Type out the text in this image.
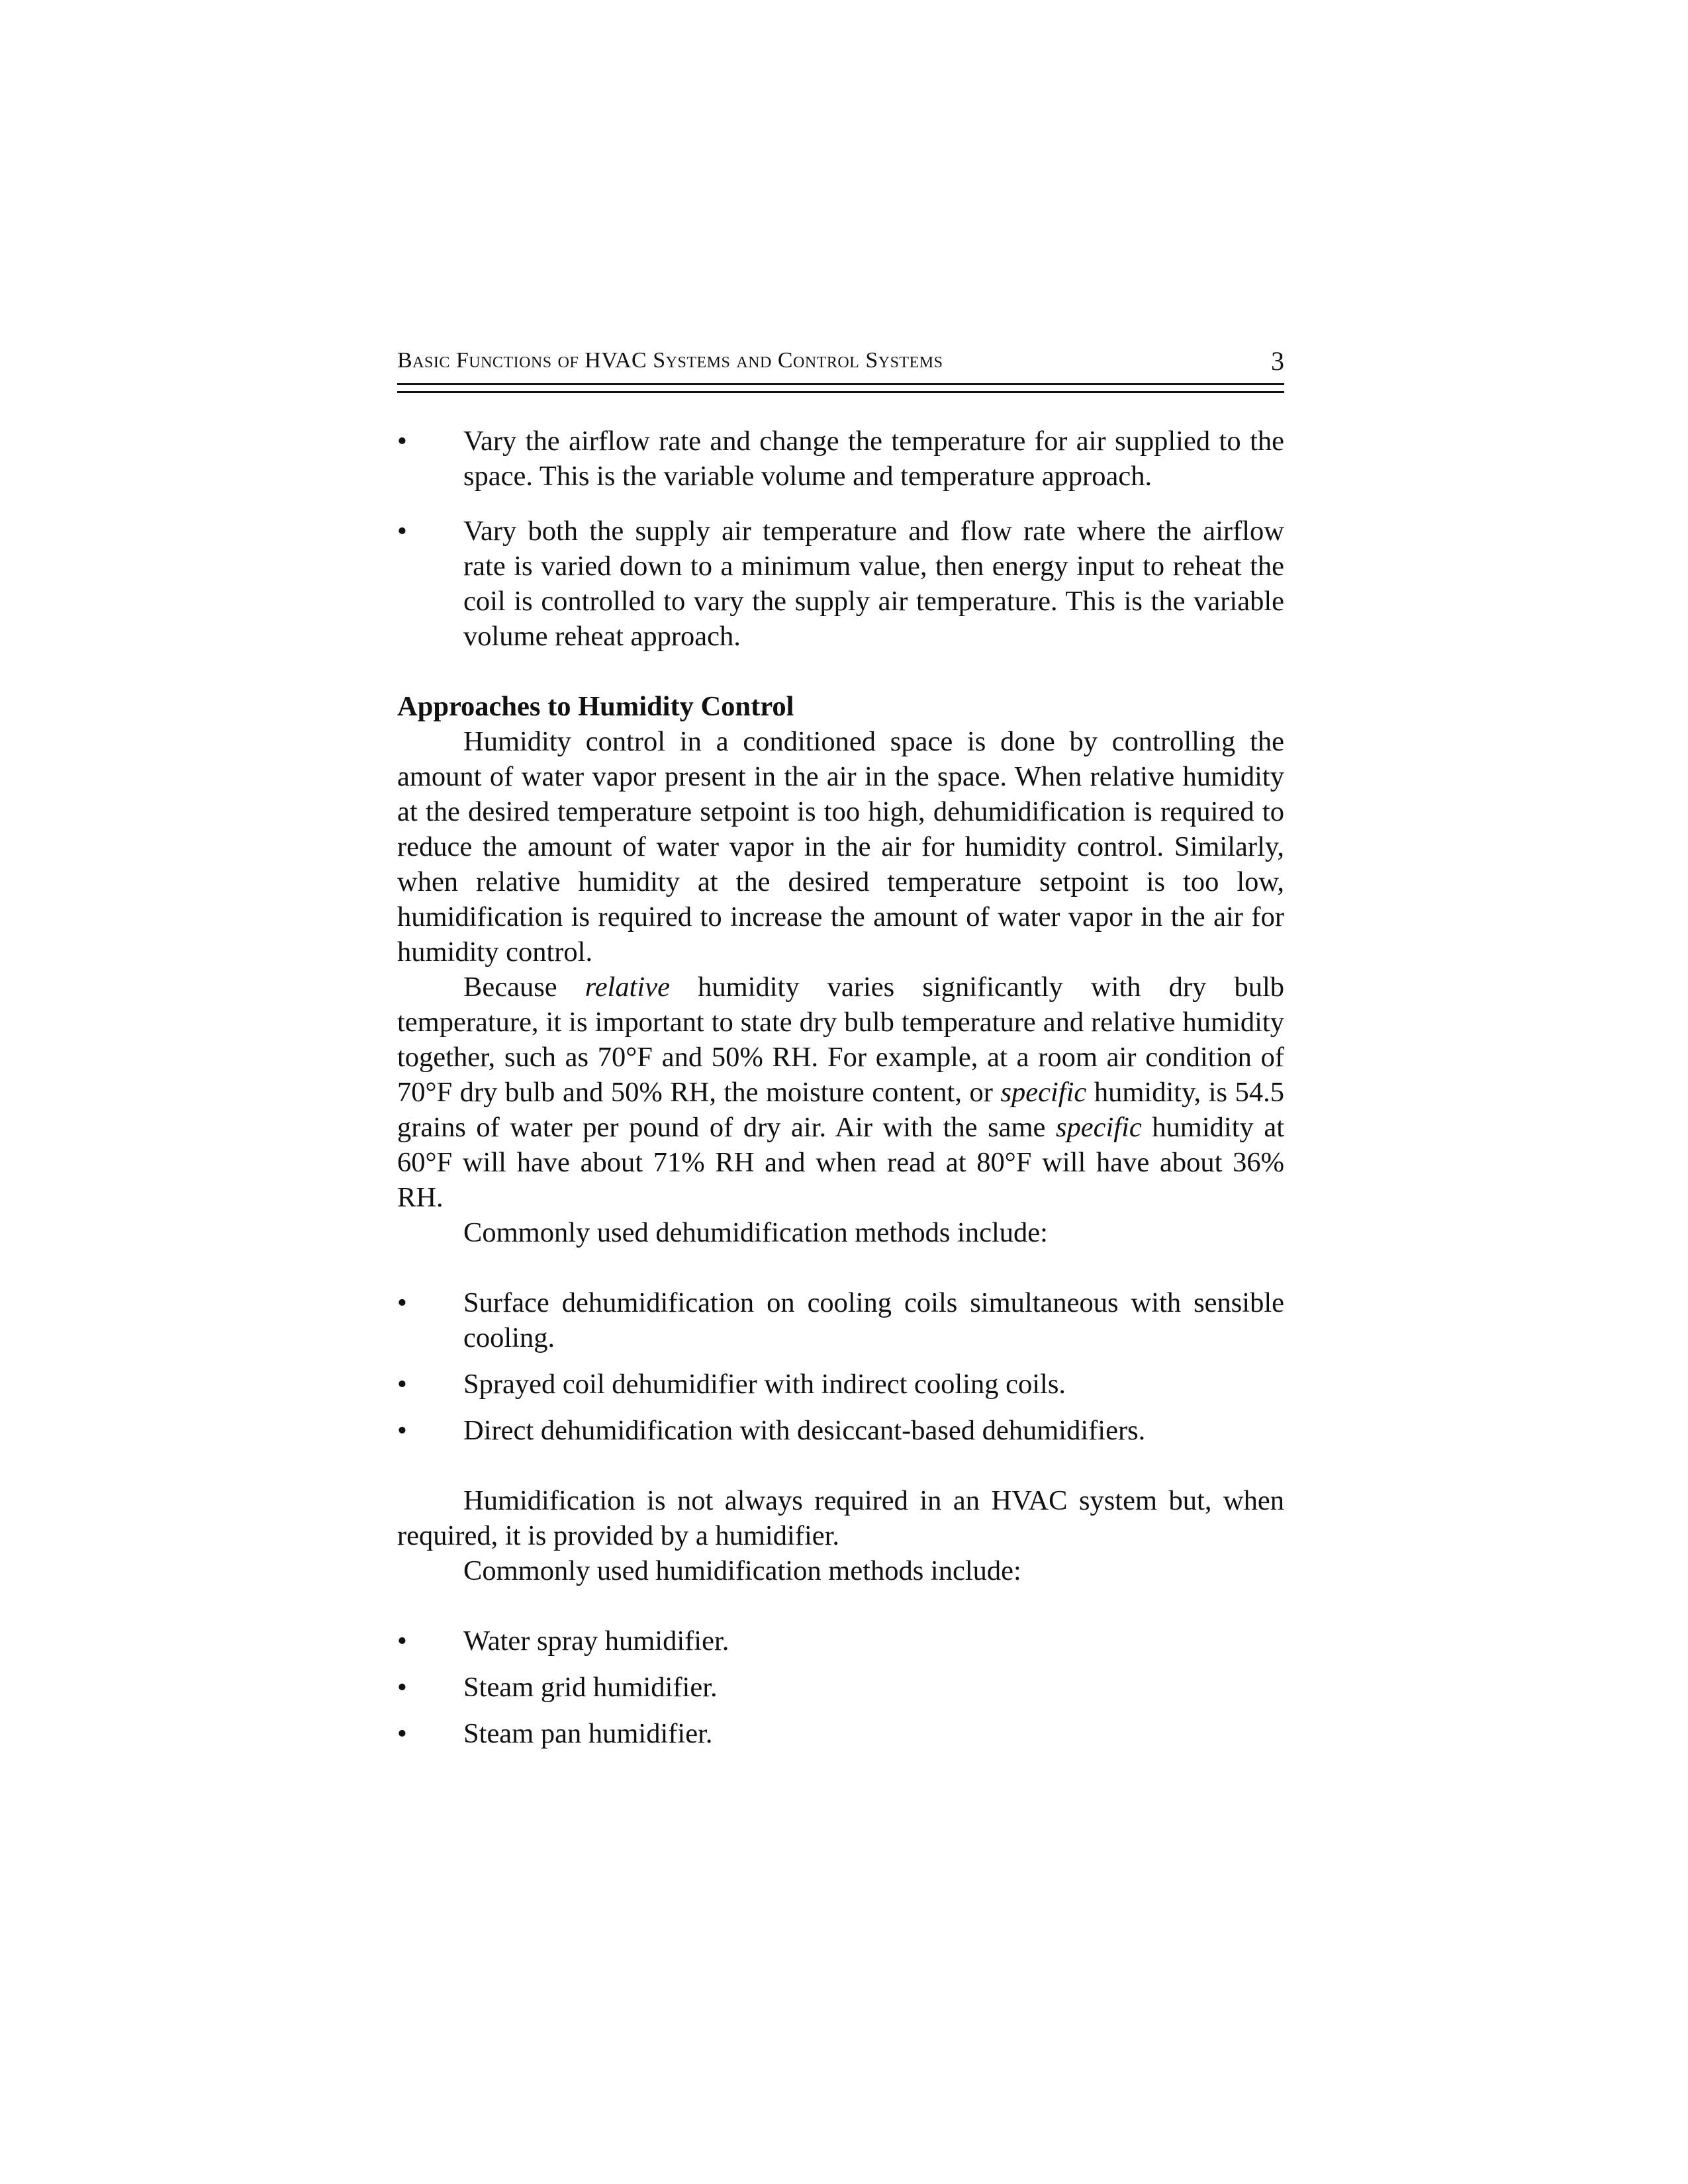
Basic Functions of HVAC Systems and Control Systems	3
•	Vary the airflow rate and change the temperature for air supplied to the space. This is the variable volume and temperature approach.
•	Vary both the supply air temperature and flow rate where the airflow rate is varied down to a minimum value, then energy input to reheat the coil is controlled to vary the supply air temperature. This is the variable volume reheat approach.
Approaches to Humidity Control

Humidity control in a conditioned space is done by controlling the amount of water vapor present in the air in the space. When relative humidity at the desired temperature setpoint is too high, dehumidification is required to reduce the amount of water vapor in the air for humidity control. Similarly, when relative humidity at the desired temperature setpoint is too low, humidification is required to increase the amount of water vapor in the air for humidity control.

Because relative humidity varies significantly with dry bulb temperature, it is important to state dry bulb temperature and relative humidity together, such as 70°F and 50% RH. For example, at a room air condition of 70°F dry bulb and 50% RH, the moisture content, or specific humidity, is 54.5 grains of water per pound of dry air. Air with the same specific humidity at 60°F will have about 71% RH and when read at 80°F will have about 36% RH.

Commonly used dehumidification methods include:

•	Surface dehumidification on cooling coils simultaneous with sensible cooling.
•	Sprayed coil dehumidifier with indirect cooling coils.
•	Direct dehumidification with desiccant-based dehumidifiers.

Humidification is not always required in an HVAC system but, when required, it is provided by a humidifier.

Commonly used humidification methods include:

•	Water spray humidifier.
•	Steam grid humidifier.
•	Steam pan humidifier.
